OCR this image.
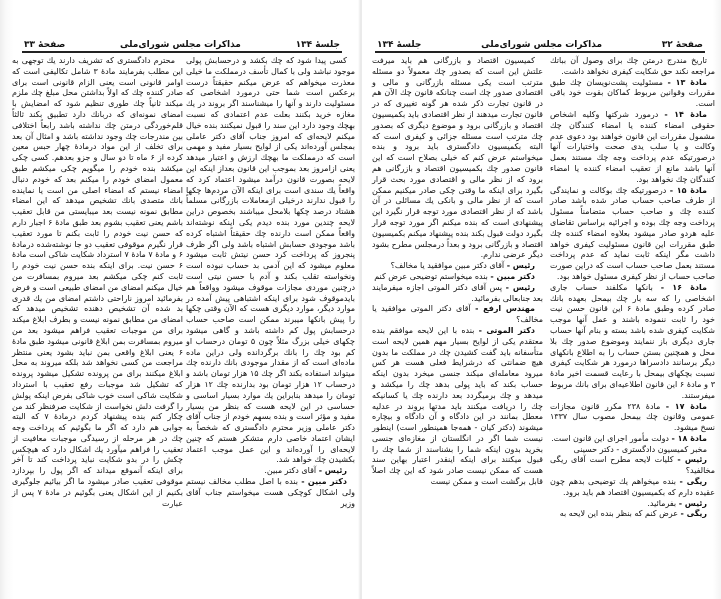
جلسهٔ ۱۳۴
مذاکرات مجلس شورای‌ملی
صفحهٔ ۳۳

کسی پیدا شود که چك بکشد و درحسابش پولی موجود نباشد ولی با کمال تأسف درمملکت ما خیلی معذرت میخواهم که عرض میکنم حقیقتاً درست برعکس است شما حتی درمورد اشخاصی که مسئولیت دارند و آنها را میشناسند اگر بروند در یك مغازه خرید بکنند بعلت عدم اعتمادی که نسبت بهچك وجود دارد این سند را قبول نمیکنند بنده خیال میکنم لایحه‌ای که امروز جناب آقای دکتر عاملی بمجلس آورده‌اند یکی از لوایح بسیار مفید و مهمی است که درمملکت ما بهچك ارزش و اعتبار میدهد یعنی ازامروز بعد بموجب این قانون بعداز اینکه این لایحه بصورت قانون درآمد میشود اعتماد کرد که واقعاً یك سندی است برای اینکه الآن مردم‌ها چکها را قبول ندارند درخیلی ازمعاملات بازرگانی مسلماً هشتاد درصد چکها بلامحل میباشند بخصوص دراین لایحه چندین مورد بنده دیدم یکی اینکه نوشته‌اند واقعاً ممکن است دارنده چك حقیقتاً اشتباه کرده باشد موجودی حسابش اشتباه باشد ولی اگر ظرف پنجروز که پرداخت کرد حسن نیتش ثابت میشود معلوم میشود که این آدمی بد حساب نبوده است ونخواسته تقلب بکند و آدم با حسن نیتی است درچنین موردی مجازات موقوف میشود وواقعاً هم بایدموقوف شود برای اینکه اشتباهی پیش آمده در موارد دیگر، موارد دیگری هست که الآن وقتی چکها را پیش بانکها میبرند ممکن است صاحب حساب درحسابش پول کم داشته باشد و گاهی میشود چکهای خیلی بزرگ مثلاً چون ۵ تومان درحساب او کم بود چك را بانك برگردانده ولی دراین ماده ماده‌ای است که از مقدار موجودی بانك دارنده چك میتواند استفاده بکند اگر چك ۱۵ هزار تومان باشد و درحساب ۱۲ هزار تومان بود بدارنده چك ۱۲ هزار تومان را میدهد بنابراین یك موارد بسیار اساسی و حساسی در این لایحه هست که بنظر من بسیار مفید و مؤثر است و بنده بسهم خودم از جناب آقای دکتر عاملی وزیر محترم دادگستری که شخصاً به ایشان اعتماد خاصی دارم متشکر هستم که چنین لایحه‌ای را آورده‌اند و این عمل موجب اعتماد بکشیدن چك خواهد شد.

رئیس - آقای دکتر مبین.

دکتر مبین - بنده با اصل مطلب مخالف نیستم ولی اشکال کوچکی هست میخواستم جناب آقای وزیر

محترم دادگستری که تشریف دارند یك توجهی به این مطلب بفرمایند مادهٔ ۳ شامل تکالیفی است که اوامر قانونی است یعنی الزام قانونی است برای صادر کننده چك که اولاً بداشتن محل مبلغ چك ملزم میکند ثانیاً چك طوری تنظیم شود که امضایش با امضای نمونه‌ای که دربانك دارد تطبیق بکند ثالثاً قلم‌خوردگی درمتن چك نداشته باشد رابعاً اختلافی بین مندرجات چك وجود نداشته باشد و امثال آن بعد برای تخلف از این مواد درمادهٔ چهار حبس معین کرده از ۶ ماه تا دو سال و جزو بعدهم. کسی چکی میکشد بنده خودم را میگویم چکی میکشم طبق معمول امضای خودم را میکنم بعد که خودم دنبال امضاء نیستم که امضاء اصلی من است یا نماینده بانك متصدی بانك تشخیص میدهد که این امضاء مطابق نمونه نیست بعد میبایستی من قابل تعقیب باشم یعنی تعقیب بشوم بعد طبق مادهٔ ۶ اجبار دارم که حسن نیت خودم را ثابت بکنم تا مورد تعقیب قرار نگیرم موقوفی تعقیب دو جا نوشته‌شده درمادهٔ ۶ و مادهٔ ۷ مادهٔ ۷ استرداد شکایت شاکی است مادهٔ ۶ حسن نیت. برای اینکه بنده حسن نیت خودم را ثابت کنم چکی میکشم بعد میروم بمسافرت من خیال میکنم امضای من امضای طبیعی است و فرض بفرمائید امروز ناراحتی داشتم امضای من یك قدری بد شده آن تشخیص دهنده تشخیص میدهد که امضای من مطابق نمونه نیست و بطرف ابلاغ میکند برای من موجبات تعقیب فراهم میشود بعد من میروم بمسافرت بمن ابلاغ قانونی میشود طبق مادهٔ ۶ یعنی ابلاغ واقعی بمن نباید بشود یعنی منتظر مراجعت من کسی نخواهد شد بلکه میروند به محل ابلاغ میکنند برای من پرونده تشکیل میشود پرونده که تشکیل شد موجبات رفع تعقیب با استرداد شکایت شاکی است خوب شاکی بفرض اینکه پولش را گرفت دلش نخواست از شکایت صرفنظر کند من چکار کنم بنده پیشنهاد کردم درمادهٔ ۷ که البته جوابی هم دارد که اگر ما بگوئیم که پرداخت وجه چك در هر مرحله از رسیدگی موجبات معافیت از تعقیب را فراهم میآورد یك اشکال دارد که هیچکس چکش را در بدو شکایت نباید پرداخت کند تا آخر برای اینکه آنموقع میداند که اگر پول را بپردازد موقوفی تعقیب صادر میشود ما اگر بیائیم جلوگیری بکنیم از این اشکال یعنی بگوئیم در مادهٔ ۷ پس از عبارت

صفحهٔ ۳۲
مذاکرات مجلس شورای‌ملی
جلسهٔ ۱۳۴

تاریخ مندرج درمتن چك برای وصول آن بباتك مراجعه نکند حق شکایت کیفری نخواهد داشت.

مادهٔ ۱۳ - مسئولیت پشت‌نویسان چك طبق مقررات وقوانین مربوط کماکان بقوت خود باقی است.

مادهٔ ۱۴ - درمورد شرکتها وکلیه اشخاص حقوقی امضاء کننده یا امضاء کنندگان چك مشمول مقررات این قانون خواهند بود دعوی عدم وکالت و یا سلب یدی صحت واختیارات آنها درصورتیکه عدم پرداخت وجه چك مستند بعمل آنها باشد مانع از تعقیب امضاء کننده یا امضاء کنندگان چك نخواهد بود.

مادهٔ ۱۵ - درصورتیکه چك بوکالت و نمایندگی از طرف صاحب حساب صادر شده باشد صادر کننده چك و صاحب حساب متضامناً مسئول پرداخت وجه چك بوده و اجرائیه براساس تقاضای علیه هردو صادر میشود بعلاوه امضاء کننده چك طبق مقررات این قانون مسئولیت کیفری خواهد داشت مگر اینکه ثابت نماید که عدم پرداخت مستند بعمل صاحب حساب است که دراین صورت صاحب حساب از نظر کیفری مسئول خواهد بود.

مادهٔ ۱۶ - بانکها مکلفند حساب جاری اشخاصی را که سه بار چك بیمحل بعهده بانك صادر کرده وطبق مادهٔ ۶ این قانون حسن نیت خود را ثابت ننموده باشند و عمل آنها موجب شکایت کیفری شده باشد بسته و بنام آنها حساب جاری دیگری باز ننمایند وموضوع صدور چك بلا محل و همچنین بستن حساب را به اطلاع بانکهای دیگر برسانند دادسراها درمورد هر شکایت کیفری نسبت بچکهای بیمحل با رعایت قسمت اخیر مادهٔ ۳ و مادهٔ ۶ این قانون اطلاعیه‌ای برای بانك مربوط میفرستند.

مادهٔ ۱۷ - مادهٔ ۲۳۸ مکرر قانون مجازات عمومی وقانون چك بیمحل مصوب سال ۱۳۳۷ نسخ میشود.

مادهٔ ۱۸ - دولت مأمور اجرای این قانون است.

مخبر کمیسیون دادگستری - دکتر حسینی

رئیس - کلیات لایحه مطرح است آقای ریگی مخالفید؟

ریگی - بنده میخواهم یك توضیحی بدهم چون عقیده دارم که بکمیسیون اقتصاد هم باید برود.

رئیس - بفرمائید.

ریگی - عرض کنم که بنظر بنده این لایحه به

کمیسیون اقتصاد و بازرگانی هم باید میرفت علتش این است که بصدور چك معمولاً دو مسئله مترتب است یکی مسئله بازرگانی و مالی و اقتصادی صدور چك است چنانکه قانون چك الآن هم در قانون تجارت ذکر شده هر گونه تغییری که در قانون تجارت میدهند از نظر اقتصادی باید بکمیسیون اقتصاد و بازرگانی برود و موضوع دیگری که بصدور چك مترتب است مسئله جزائی و کیفری است که البته بکمیسیون دادگستری باید برود و بنده میخواستم عرض کنم که خیلی بصلاح است که این قانون صدور چك بکمیسیون اقتصاد و بازرگانی هم برود که از نظر مالی و اقتصادی مورد بحث قرار بگیرد برای اینکه ما وقتی چکی صادر میکنیم ممکن است که از نظر مالی و بانکی یك مسائلی در آن باشد که از نظر اقتصادی مورد توجه قرار نگیرد این پیشنهادی است که بنده میکنم اگر مورد توجه قرار بگیرد دولت قبول بکند بنده پیشنهاد میکنم بکمیسیون اقتصاد و بازرگانی برود و بعداً درمجلس مطرح بشود دیگر عرضی ندارم.

رئیس - آقای دکتر مبین موافقید یا مخالف؟

دکتر مبین - بنده میخواستم توضیحی عرض کنم

رئیس - پس آقای دکتر الموتی اجازه میفرمایند بعد جنابعالی بفرمائید.

مهندس ارفع - آقای دکتر الموتی موافقید یا مخالف؟

دکتر الموتی - بنده با این لایحه موافقم بنده معتقدم یکی از لوایح بسیار مهم همین لایحه است متأسفانه باید گفت کشیدن چك در مملکت ما بدون هیچ ضمانتی که درشرایط فعلی هست هر کس میرود معامله‌ای میکند جنسی میخرد بدون اینکه حساب بکند که باید پولی بدهد چك را میکشد و میدهد و چك برمیگردد بعد دارنده چك یا کسانیکه چك را دریافت میکنند باید مدتها بروند در عدلیه معطل بمانند در این دادگاه و آن دادگاه و بیچاره میشوند (دکتر کیان - همه‌جا همینطور است) اینطور نیست شما اگر در انگلستان از مغازه‌ای جنسی بخرید بدون اینکه شما را بشناسند از شما چك را قبول میکنند برای اینکه اینقدر اعتبار بهاین سند هست که ممکن نیست صادر شود که این چك اصلاً قابل برگشت است و ممکن نیست
